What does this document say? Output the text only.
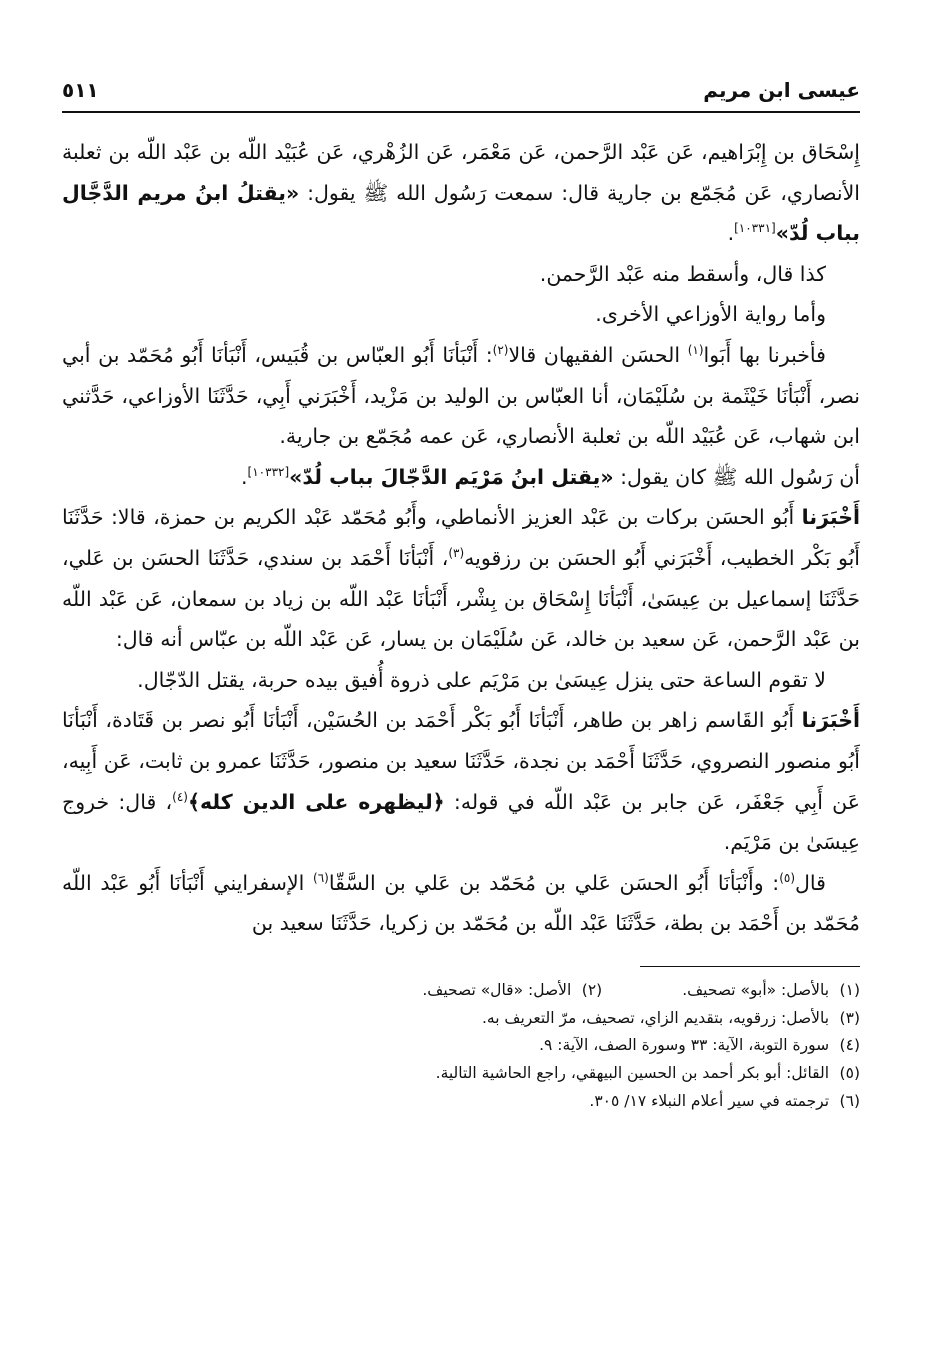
عيسى ابن مريم
٥١١

إِسْحَاق بن إِبْرَاهيم، عَن عَبْد الرَّحمن، عَن مَعْمَر، عَن الزُهْري، عَن عُبَيْد اللّه بن عَبْد اللّه بن ثعلبة الأنصاري، عَن مُجَمّع بن جارية قال: سمعت رَسُول الله ﷺ يقول: «يقتلُ ابنُ مريم الدَّجَّال بباب لُدّ»[١٠٣٣١].

كذا قال، وأسقط منه عَبْد الرَّحمن.

وأما رواية الأوزاعي الأخرى.

فأخبرنا بها أَبَوا$^{(١)}$ الحسَن الفقيهان قالا$^{(٢)}$: أَنْبَأنَا أَبُو العبّاس بن قُبَيس، أَنْبَأنَا أَبُو مُحَمّد بن أبي نصر، أَنْبَأنَا خَيْثَمة بن سُلَيْمَان، أنا العبّاس بن الوليد بن مَزْيد، أَخْبَرَني أَبِي، حَدَّثَنَا الأوزاعي، حَدَّثني ابن شهاب، عَن عُبَيْد اللّه بن ثعلبة الأنصاري، عَن عمه مُجَمّع بن جارية.

أن رَسُول الله ﷺ كان يقول: «يقتل ابنُ مَرْيَم الدَّجّالَ بباب لُدّ»[١٠٣٣٢].

أَخْبَرَنا أَبُو الحسَن بركات بن عَبْد العزيز الأنماطي، وأَبُو مُحَمّد عَبْد الكريم بن حمزة، قالا: حَدَّثَنَا أَبُو بَكْر الخطيب، أَخْبَرَني أَبُو الحسَن بن رزقويه$^{(٣)}$، أَنْبَأنَا أَحْمَد بن سندي، حَدَّثَنَا الحسَن بن عَلي، حَدَّثَنَا إسماعيل بن عِيسَىٰ، أَنْبَأنَا إِسْحَاق بن بِشْر، أَنْبَأنَا عَبْد اللّه بن زياد بن سمعان، عَن عَبْد اللّه بن عَبْد الرَّحمن، عَن سعيد بن خالد، عَن سُلَيْمَان بن يسار، عَن عَبْد اللّه بن عبّاس أنه قال:

لا تقوم الساعة حتى ينزل عِيسَىٰ بن مَرْيَم على ذروة أُفيق بيده حربة، يقتل الدّجّال.

أَخْبَرَنا أَبُو القَاسم زاهر بن طاهر، أَنْبَأنَا أَبُو بَكْر أَحْمَد بن الحُسَيْن، أَنْبَأنَا أَبُو نصر بن قَتَادة، أَنْبَأنَا أَبُو منصور النصروي، حَدَّثَنَا أَحْمَد بن نجدة، حَدَّثَنَا سعيد بن منصور، حَدَّثَنَا عمرو بن ثابت، عَن أَبِيه، عَن أَبِي جَعْفَر، عَن جابر بن عَبْد اللّه في قوله: ﴿ليظهره على الدين كله﴾$^{(٤)}$، قال: خروج عِيسَىٰ بن مَرْيَم.

قال$^{(٥)}$: وأَنْبَأنَا أَبُو الحسَن عَلي بن مُحَمّد بن عَلي بن السَّقّا$^{(٦)}$ الإسفرايني أَنْبَأنَا أَبُو عَبْد اللّه مُحَمّد بن أَحْمَد بن بطة، حَدَّثَنَا عَبْد اللّه بن مُحَمّد بن زكريا، حَدَّثَنَا سعيد بن

(١) بالأصل: «أبو» تصحيف.
(٢) الأصل: «قال» تصحيف.
(٣) بالأصل: زرقويه، بتقديم الزاي، تصحيف، مرّ التعريف به.
(٤) سورة التوبة، الآية: ٣٣ وسورة الصف، الآية: ٩.
(٥) القائل: أبو بكر أحمد بن الحسين البيهقي، راجع الحاشية التالية.
(٦) ترجمته في سير أعلام النبلاء ١٧/ ٣٠٥.
